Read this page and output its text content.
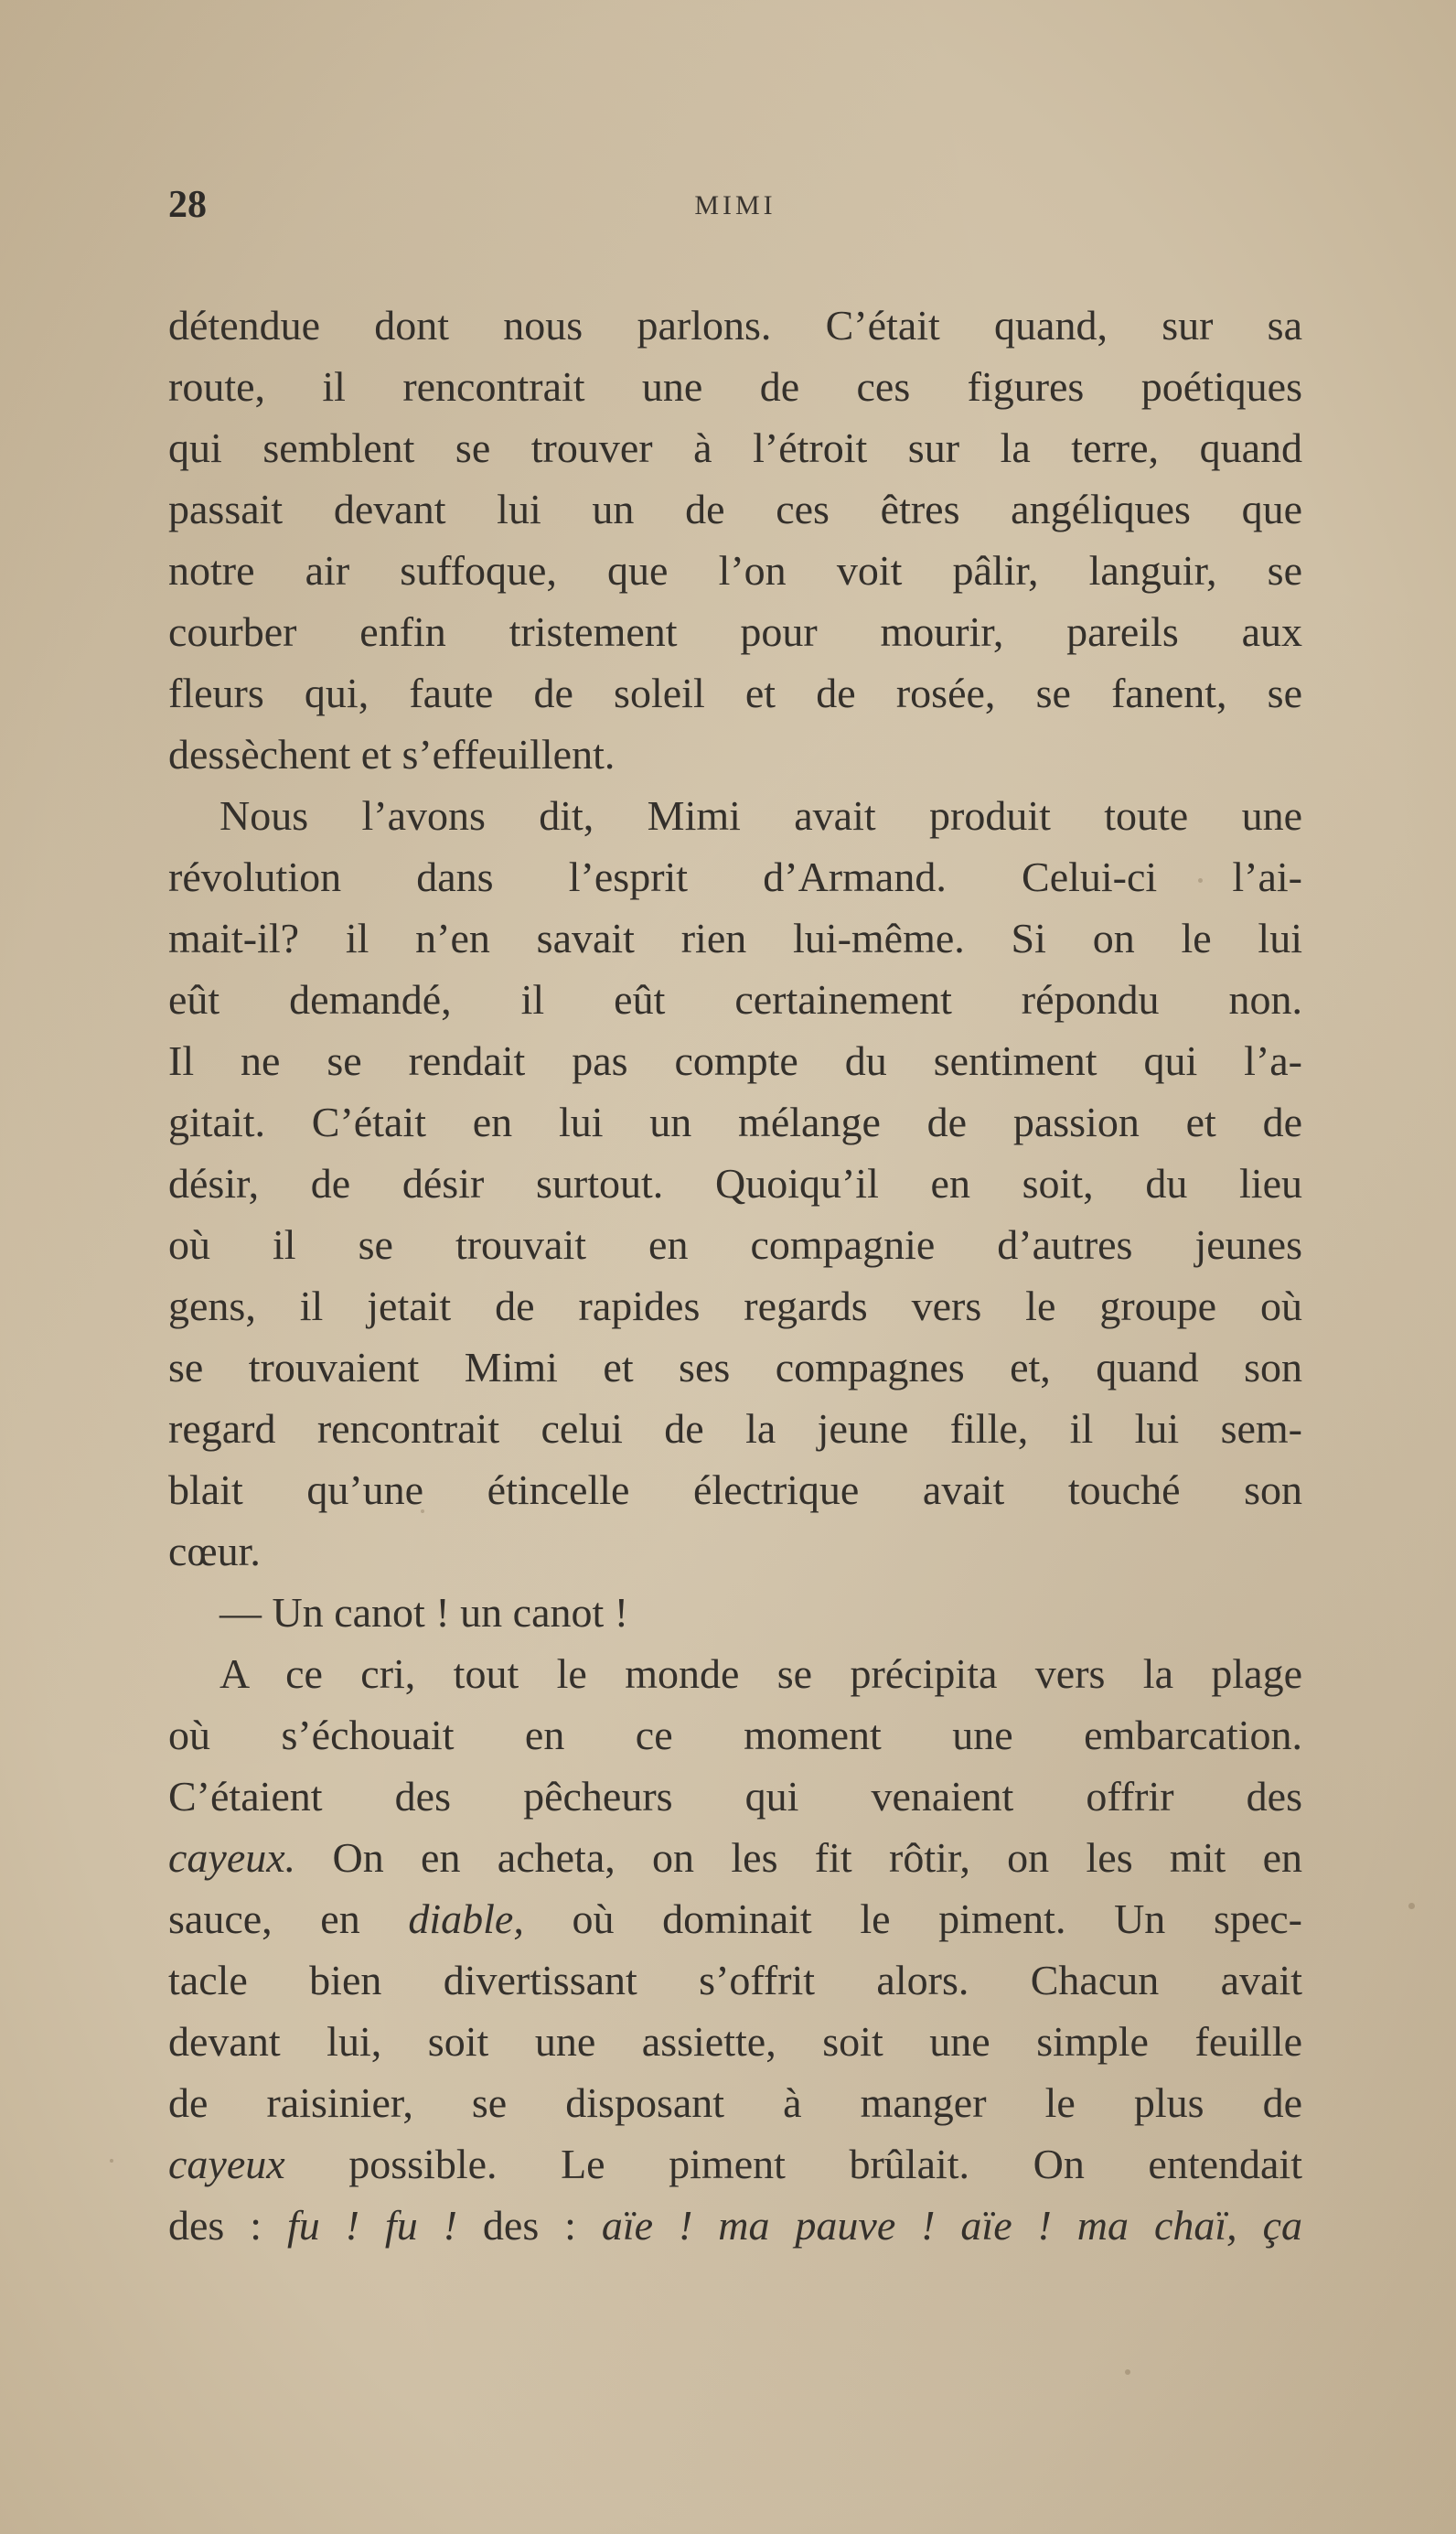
28	MIMI
détendue dont nous parlons. C’était quand, sur sa
route, il rencontrait une de ces figures poétiques
qui semblent se trouver à l’étroit sur la terre, quand
passait devant lui un de ces êtres angéliques que
notre air suffoque, que l’on voit pâlir, languir, se
courber enfin tristement pour mourir, pareils aux
fleurs qui, faute de soleil et de rosée, se fanent, se
dessèchent et s’effeuillent.
Nous l’avons dit, Mimi avait produit toute une
révolution dans l’esprit d’Armand. Celui-ci l’ai-
mait-il? il n’en savait rien lui-même. Si on le lui
eût demandé, il eût certainement répondu non.
Il ne se rendait pas compte du sentiment qui l’a-
gitait. C’était en lui un mélange de passion et de
désir, de désir surtout. Quoiqu’il en soit, du lieu
où il se trouvait en compagnie d’autres jeunes
gens, il jetait de rapides regards vers le groupe où
se trouvaient Mimi et ses compagnes et, quand son
regard rencontrait celui de la jeune fille, il lui sem-
blait qu’une étincelle électrique avait touché son
cœur.
— Un canot ! un canot !
A ce cri, tout le monde se précipita vers la plage
où s’échouait en ce moment une embarcation.
C’étaient des pêcheurs qui venaient offrir des
cayeux. On en acheta, on les fit rôtir, on les mit en
sauce, en diable, où dominait le piment. Un spec-
tacle bien divertissant s’offrit alors. Chacun avait
devant lui, soit une assiette, soit une simple feuille
de raisinier, se disposant à manger le plus de
cayeux possible. Le piment brûlait. On entendait
des : fu ! fu ! des : aïe ! ma pauve ! aïe ! ma chaï, ça
